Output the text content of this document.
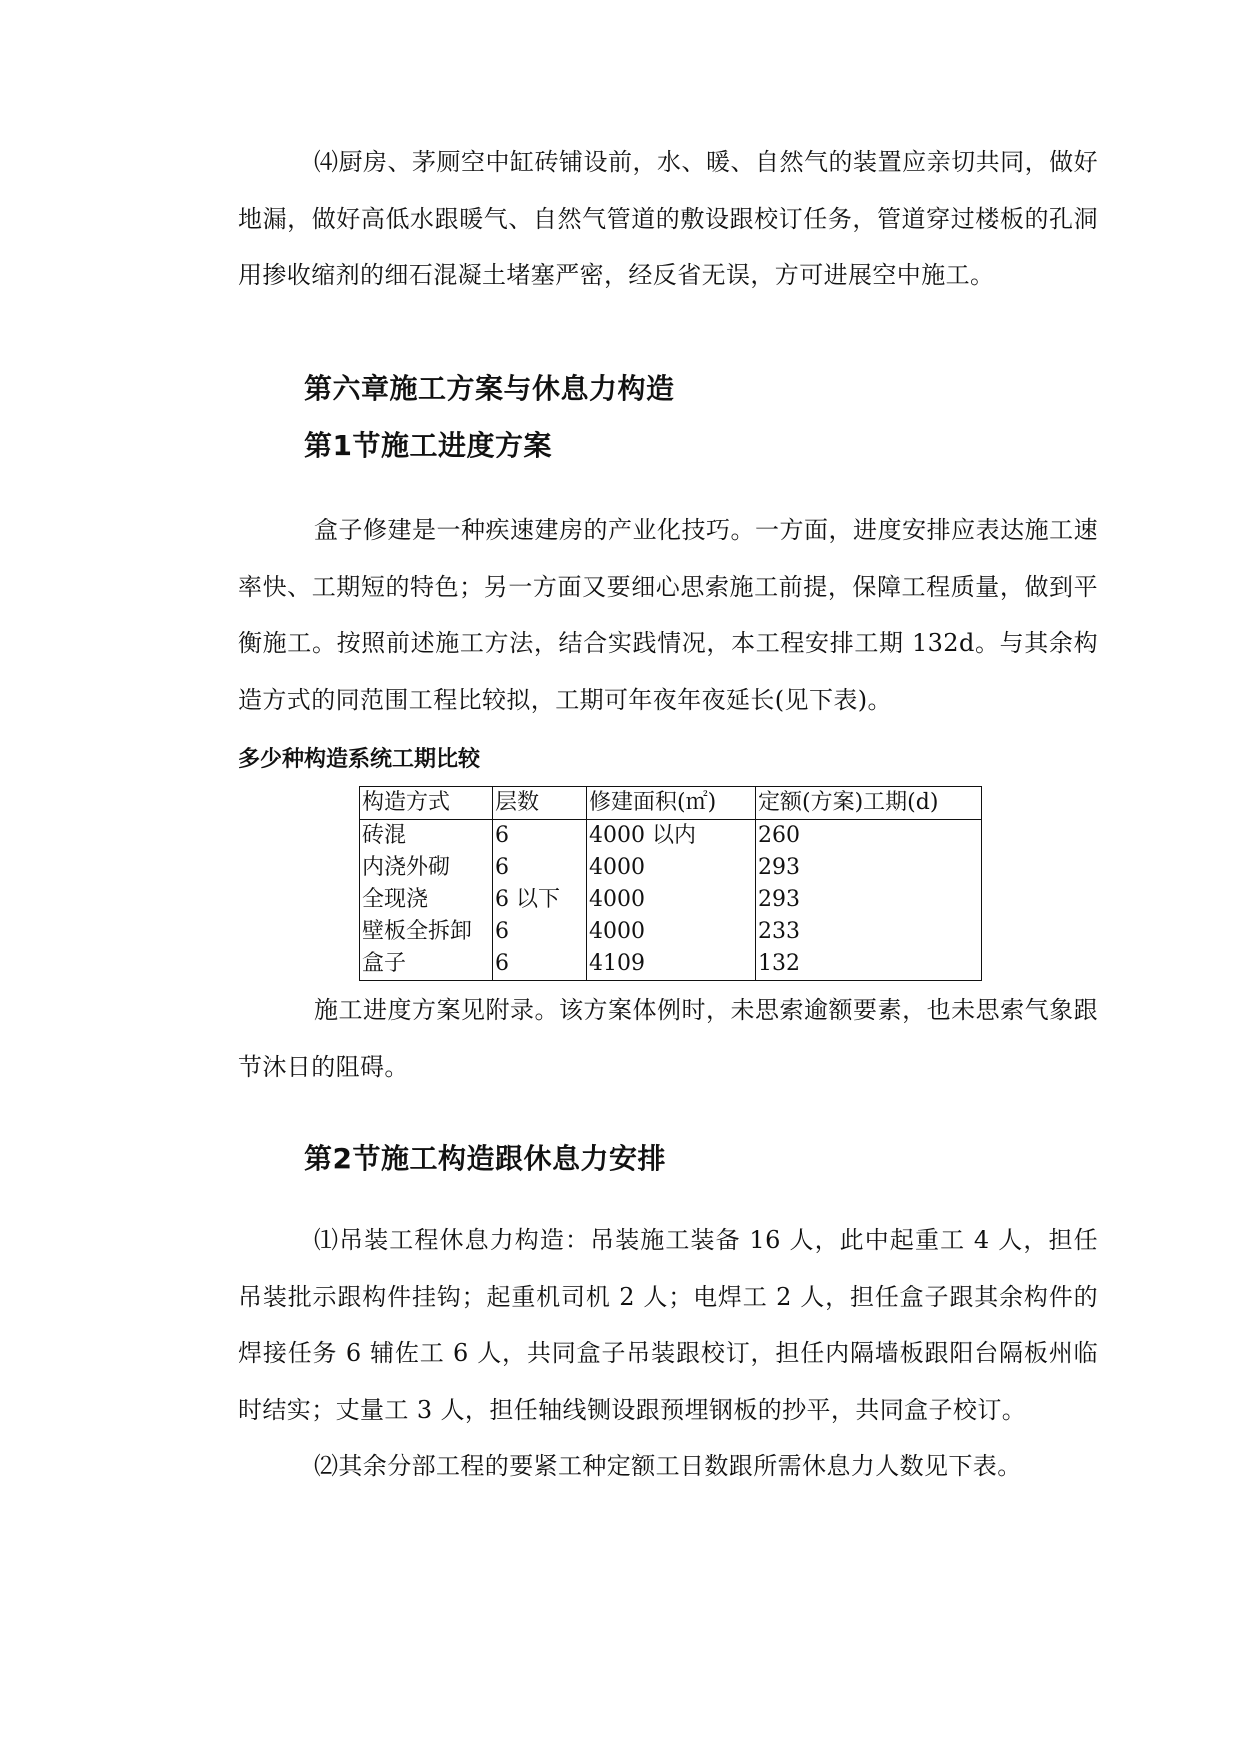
⑷厨房、茅厕空中缸砖铺设前，水、暖、自然气的装置应亲切共同，做好地漏，做好高低水跟暖气、自然气管道的敷设跟校订任务，管道穿过楼板的孔洞用掺收缩剂的细石混凝土堵塞严密，经反省无误，方可进展空中施工。

第六章施工方案与休息力构造
第1节施工进度方案

盒子修建是一种疾速建房的产业化技巧。一方面，进度安排应表达施工速率快、工期短的特色；另一方面又要细心思索施工前提，保障工程质量，做到平衡施工。按照前述施工方法，结合实践情况，本工程安排工期 132d。与其余构造方式的同范围工程比较拟，工期可年夜年夜延长(见下表)。

多少种构造系统工期比较
构造方式	层数	修建面积(㎡)	定额(方案)工期(d)
砖混	6	4000 以内	260
内浇外砌	6	4000	293
全现浇	6 以下	4000	293
壁板全拆卸	6	4000	233
盒子	6	4109	132

施工进度方案见附录。该方案体例时，未思索逾额要素，也未思索气象跟节沐日的阻碍。

第2节施工构造跟休息力安排

⑴吊装工程休息力构造：吊装施工装备 16 人，此中起重工 4 人，担任吊装批示跟构件挂钩；起重机司机 2 人；电焊工 2 人，担任盒子跟其余构件的焊接任务 6 辅佐工 6 人，共同盒子吊装跟校订，担任内隔墙板跟阳台隔板州临时结实；丈量工 3 人，担任轴线铡设跟预埋钢板的抄平，共同盒子校订。

⑵其余分部工程的要紧工种定额工日数跟所需休息力人数见下表。
